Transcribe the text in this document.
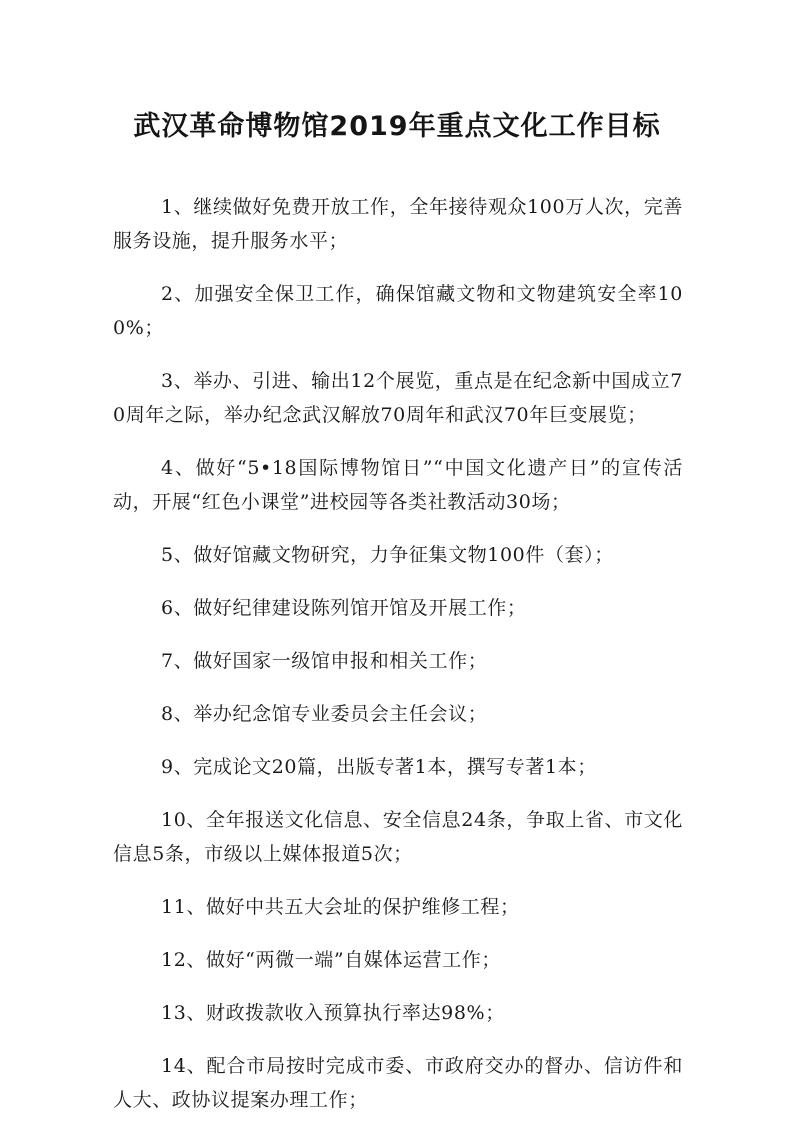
武汉革命博物馆2019年重点文化工作目标

1、继续做好免费开放工作，全年接待观众100万人次，完善服务设施，提升服务水平；

2、加强安全保卫工作，确保馆藏文物和文物建筑安全率100%；

3、举办、引进、输出12个展览，重点是在纪念新中国成立70周年之际，举办纪念武汉解放70周年和武汉70年巨变展览；

4、做好“5•18国际博物馆日”“中国文化遗产日”的宣传活动，开展“红色小课堂”进校园等各类社教活动30场；

5、做好馆藏文物研究，力争征集文物100件（套）；

6、做好纪律建设陈列馆开馆及开展工作；

7、做好国家一级馆申报和相关工作；

8、举办纪念馆专业委员会主任会议；

9、完成论文20篇，出版专著1本，撰写专著1本；

10、全年报送文化信息、安全信息24条，争取上省、市文化信息5条，市级以上媒体报道5次；

11、做好中共五大会址的保护维修工程；

12、做好“两微一端”自媒体运营工作；

13、财政拨款收入预算执行率达98%；

14、配合市局按时完成市委、市政府交办的督办、信访件和人大、政协议提案办理工作；
